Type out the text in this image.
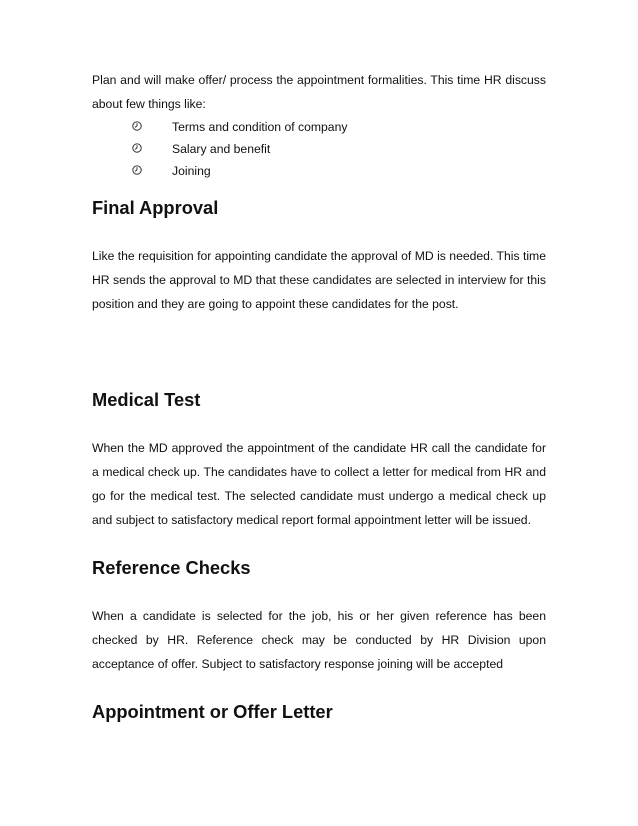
Plan and will make offer/ process the appointment formalities. This time HR discuss about few things like:

Terms and condition of company
Salary and benefit
Joining
Final Approval

Like the requisition for appointing candidate the approval of MD is needed. This time HR sends the approval to MD that these candidates are selected in interview for this position and they are going to appoint these candidates for the post.

Medical Test

When the MD approved the appointment of the candidate HR call the candidate for a medical check up. The candidates have to collect a letter for medical from HR and go for the medical test. The selected candidate must undergo a medical check up and subject to satisfactory medical report formal appointment letter will be issued.

Reference Checks

When a candidate is selected for the job, his or her given reference has been checked by HR. Reference check may be conducted by HR Division upon acceptance of offer. Subject to satisfactory response joining will be accepted

Appointment or Offer Letter
